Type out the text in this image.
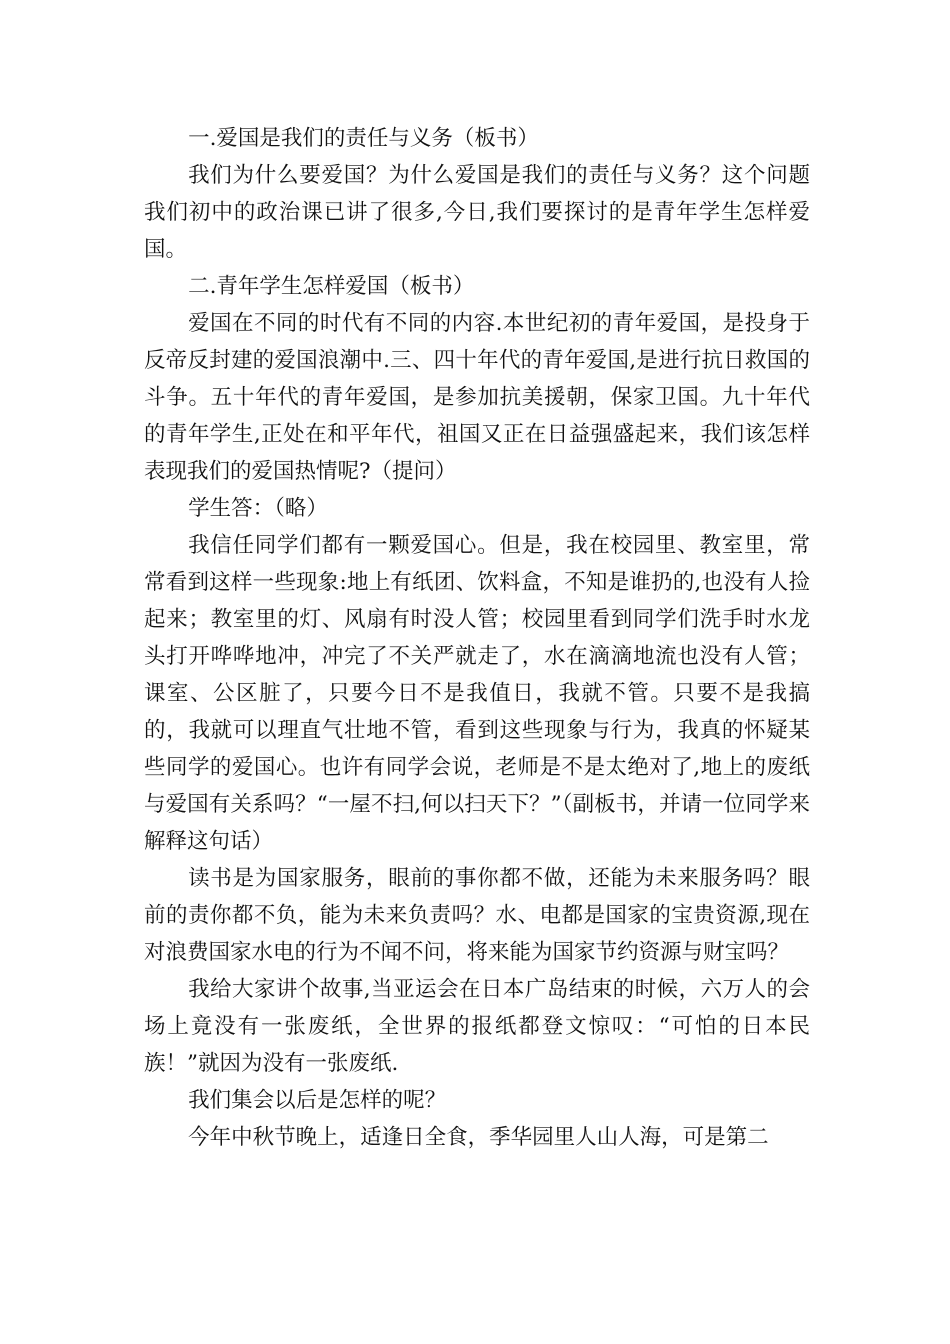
一.爱国是我们的责任与义务（板书）

我们为什么要爱国？为什么爱国是我们的责任与义务？这个问题我们初中的政治课已讲了很多,今日,我们要探讨的是青年学生怎样爱国。

二.青年学生怎样爱国（板书）

爱国在不同的时代有不同的内容.本世纪初的青年爱国，是投身于反帝反封建的爱国浪潮中.三、四十年代的青年爱国,是进行抗日救国的斗争。五十年代的青年爱国，是参加抗美援朝，保家卫国。九十年代的青年学生,正处在和平年代，祖国又正在日益强盛起来，我们该怎样表现我们的爱国热情呢?（提问）

学生答：（略）

我信任同学们都有一颗爱国心。但是，我在校园里、教室里，常常看到这样一些现象:地上有纸团、饮料盒，不知是谁扔的,也没有人捡起来；教室里的灯、风扇有时没人管；校园里看到同学们洗手时水龙头打开哗哗地冲，冲完了不关严就走了，水在滴滴地流也没有人管；课室、公区脏了，只要今日不是我值日，我就不管。只要不是我搞的，我就可以理直气壮地不管，看到这些现象与行为，我真的怀疑某些同学的爱国心。也许有同学会说，老师是不是太绝对了,地上的废纸与爱国有关系吗？“一屋不扫,何以扫天下？”（副板书，并请一位同学来解释这句话）

读书是为国家服务，眼前的事你都不做，还能为未来服务吗？眼前的责你都不负，能为未来负责吗？水、电都是国家的宝贵资源,现在对浪费国家水电的行为不闻不问，将来能为国家节约资源与财宝吗？

我给大家讲个故事,当亚运会在日本广岛结束的时候，六万人的会场上竟没有一张废纸，全世界的报纸都登文惊叹：“可怕的日本民族！”就因为没有一张废纸.

我们集会以后是怎样的呢？

今年中秋节晚上，适逢日全食，季华园里人山人海，可是第二
